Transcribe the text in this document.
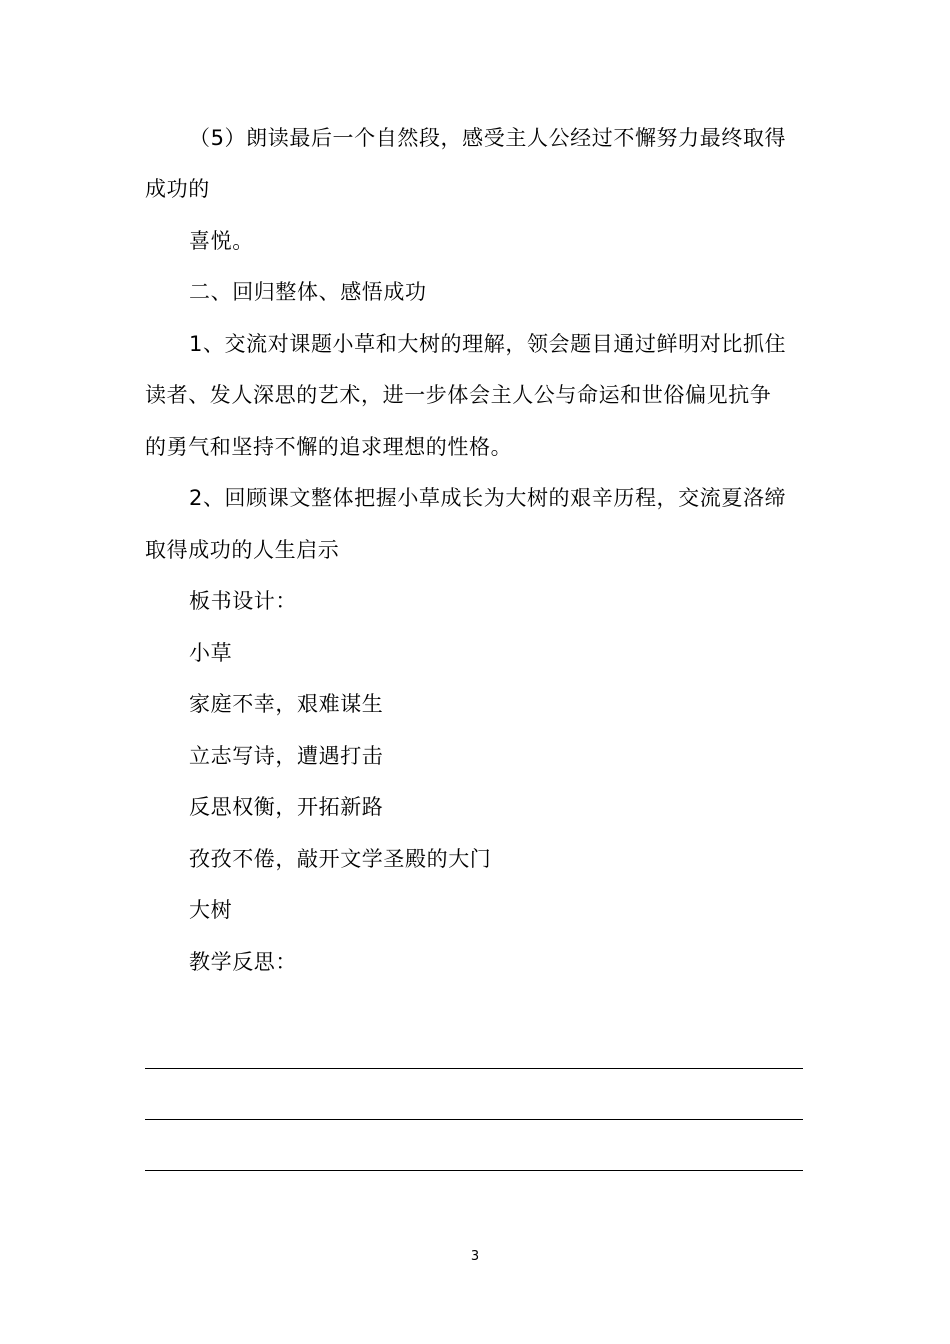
（5）朗读最后一个自然段，感受主人公经过不懈努力最终取得
成功的
喜悦。
二、回归整体、感悟成功
1、交流对课题小草和大树的理解，领会题目通过鲜明对比抓住
读者、发人深思的艺术，进一步体会主人公与命运和世俗偏见抗争
的勇气和坚持不懈的追求理想的性格。
2、回顾课文整体把握小草成长为大树的艰辛历程，交流夏洛缔
取得成功的人生启示
板书设计：
小草
家庭不幸，艰难谋生
立志写诗，遭遇打击
反思权衡，开拓新路
孜孜不倦，敲开文学圣殿的大门
大树
教学反思：
3
